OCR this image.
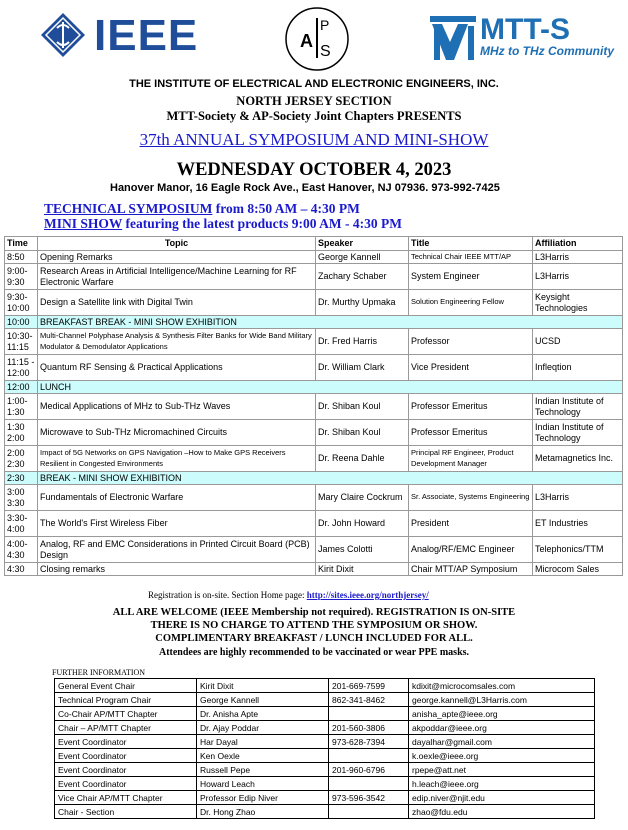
IEEE	A
P
S
MTT-S
MHz to THz Community
THE INSTITUTE OF ELECTRICAL AND ELECTRONIC ENGINEERS, INC.
NORTH JERSEY SECTION
MTT-Society & AP-Society Joint Chapters PRESENTS
37th ANNUAL SYMPOSIUM AND MINI-SHOW
WEDNESDAY OCTOBER 4, 2023
Hanover Manor, 16 Eagle Rock Ave., East Hanover, NJ 07936. 973-992-7425
TECHNICAL SYMPOSIUM from 8:50 AM – 4:30 PM
MINI SHOW featuring the latest products 9:00 AM - 4:30 PM
Time	Topic	Speaker	Title	Affiliation
8:50	Opening Remarks	George Kannell	Technical Chair IEEE MTT/AP	L3Harris
9:00-
9:30	Research Areas in Artificial Intelligence/Machine Learning for RF Electronic Warfare	Zachary Schaber	System Engineer	L3Harris
9:30-
10:00	Design a Satellite link with Digital Twin	Dr. Murthy Upmaka	Solution Engineering Fellow	Keysight Technologies
10:00	BREAKFAST BREAK - MINI SHOW EXHIBITION			
10:30-
11:15	Multi-Channel Polyphase Analysis & Synthesis Filter Banks for Wide Band Military Modulator & Demodulator Applications	Dr. Fred Harris	Professor	UCSD
11:15 -
12:00	Quantum RF Sensing & Practical Applications	Dr. William Clark	Vice President	Infleqtion
12:00	LUNCH			
1:00-
1:30	Medical Applications of MHz to Sub-THz Waves	Dr. Shiban Koul	Professor Emeritus	Indian Institute of Technology
1:30
2:00	Microwave to Sub-THz Micromachined Circuits	Dr. Shiban Koul	Professor Emeritus	Indian Institute of Technology
2:00
2:30	Impact of 5G Networks on GPS Navigation –How to Make GPS Receivers Resilient in Congested Environments	Dr. Reena Dahle	Principal RF Engineer, Product Development Manager	Metamagnetics Inc.
2:30	BREAK - MINI SHOW EXHIBITION			
3:00
3:30	Fundamentals of Electronic Warfare	Mary Claire Cockrum	Sr. Associate, Systems Engineering	L3Harris
3:30-
4:00	The World's First Wireless Fiber	Dr. John Howard	President	ET Industries
4:00-
4:30	Analog, RF and EMC Considerations in Printed Circuit Board (PCB) Design	James Colotti	Analog/RF/EMC Engineer	Telephonics/TTM
4:30	Closing remarks	Kirit Dixit	Chair MTT/AP Symposium	Microcom Sales
Registration is on-site. Section Home page: http://sites.ieee.org/northjersey/
ALL ARE WELCOME (IEEE Membership not required). REGISTRATION IS ON-SITE
THERE IS NO CHARGE TO ATTEND THE SYMPOSIUM OR SHOW.
COMPLIMENTARY BREAKFAST / LUNCH INCLUDED FOR ALL.
Attendees are highly recommended to be vaccinated or wear PPE masks.
FURTHER INFORMATION
General Event Chair	Kirit Dixit	201-669-7599	kdixit@microcomsales.com
Technical Program Chair	George Kannell	862-341-8462	george.kannell@L3Harris.com
Co-Chair AP/MTT Chapter	Dr. Anisha Apte		anisha_apte@ieee.org
Chair – AP/MTT Chapter	Dr. Ajay Poddar	201-560-3806	akpoddar@ieee.org
Event Coordinator	Har Dayal	973-628-7394	dayalhar@gmail.com
Event Coordinator	Ken Oexle		k.oexle@ieee.org
Event Coordinator	Russell Pepe	201-960-6796	rpepe@att.net
Event Coordinator	Howard Leach		h.leach@ieee.org
Vice Chair AP/MTT Chapter	Professor Edip Niver	973-596-3542	edip.niver@njit.edu
Chair - Section	Dr. Hong Zhao		zhao@fdu.edu
